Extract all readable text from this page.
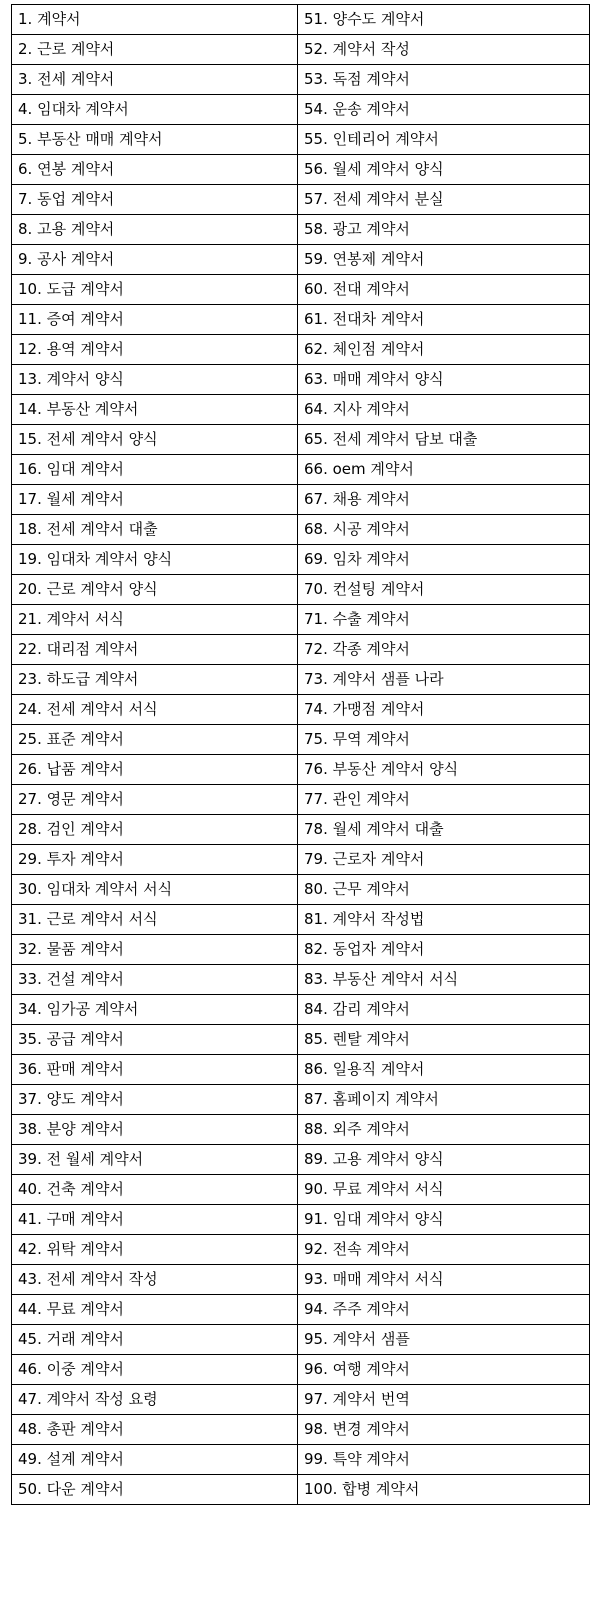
1. 계약서	51. 양수도 계약서
2. 근로 계약서	52. 계약서 작성
3. 전세 계약서	53. 독점 계약서
4. 임대차 계약서	54. 운송 계약서
5. 부동산 매매 계약서	55. 인테리어 계약서
6. 연봉 계약서	56. 월세 계약서 양식
7. 동업 계약서	57. 전세 계약서 분실
8. 고용 계약서	58. 광고 계약서
9. 공사 계약서	59. 연봉제 계약서
10. 도급 계약서	60. 전대 계약서
11. 증여 계약서	61. 전대차 계약서
12. 용역 계약서	62. 체인점 계약서
13. 계약서 양식	63. 매매 계약서 양식
14. 부동산 계약서	64. 지사 계약서
15. 전세 계약서 양식	65. 전세 계약서 담보 대출
16. 임대 계약서	66. oem 계약서
17. 월세 계약서	67. 채용 계약서
18. 전세 계약서 대출	68. 시공 계약서
19. 임대차 계약서 양식	69. 임차 계약서
20. 근로 계약서 양식	70. 컨설팅 계약서
21. 계약서 서식	71. 수출 계약서
22. 대리점 계약서	72. 각종 계약서
23. 하도급 계약서	73. 계약서 샘플 나라
24. 전세 계약서 서식	74. 가맹점 계약서
25. 표준 계약서	75. 무역 계약서
26. 납품 계약서	76. 부동산 계약서 양식
27. 영문 계약서	77. 관인 계약서
28. 검인 계약서	78. 월세 계약서 대출
29. 투자 계약서	79. 근로자 계약서
30. 임대차 계약서 서식	80. 근무 계약서
31. 근로 계약서 서식	81. 계약서 작성법
32. 물품 계약서	82. 동업자 계약서
33. 건설 계약서	83. 부동산 계약서 서식
34. 임가공 계약서	84. 감리 계약서
35. 공급 계약서	85. 렌탈 계약서
36. 판매 계약서	86. 일용직 계약서
37. 양도 계약서	87. 홈페이지 계약서
38. 분양 계약서	88. 외주 계약서
39. 전 월세 계약서	89. 고용 계약서 양식
40. 건축 계약서	90. 무료 계약서 서식
41. 구매 계약서	91. 임대 계약서 양식
42. 위탁 계약서	92. 전속 계약서
43. 전세 계약서 작성	93. 매매 계약서 서식
44. 무료 계약서	94. 주주 계약서
45. 거래 계약서	95. 계약서 샘플
46. 이중 계약서	96. 여행 계약서
47. 계약서 작성 요령	97. 계약서 번역
48. 총판 계약서	98. 변경 계약서
49. 설계 계약서	99. 특약 계약서
50. 다운 계약서	100. 합병 계약서
